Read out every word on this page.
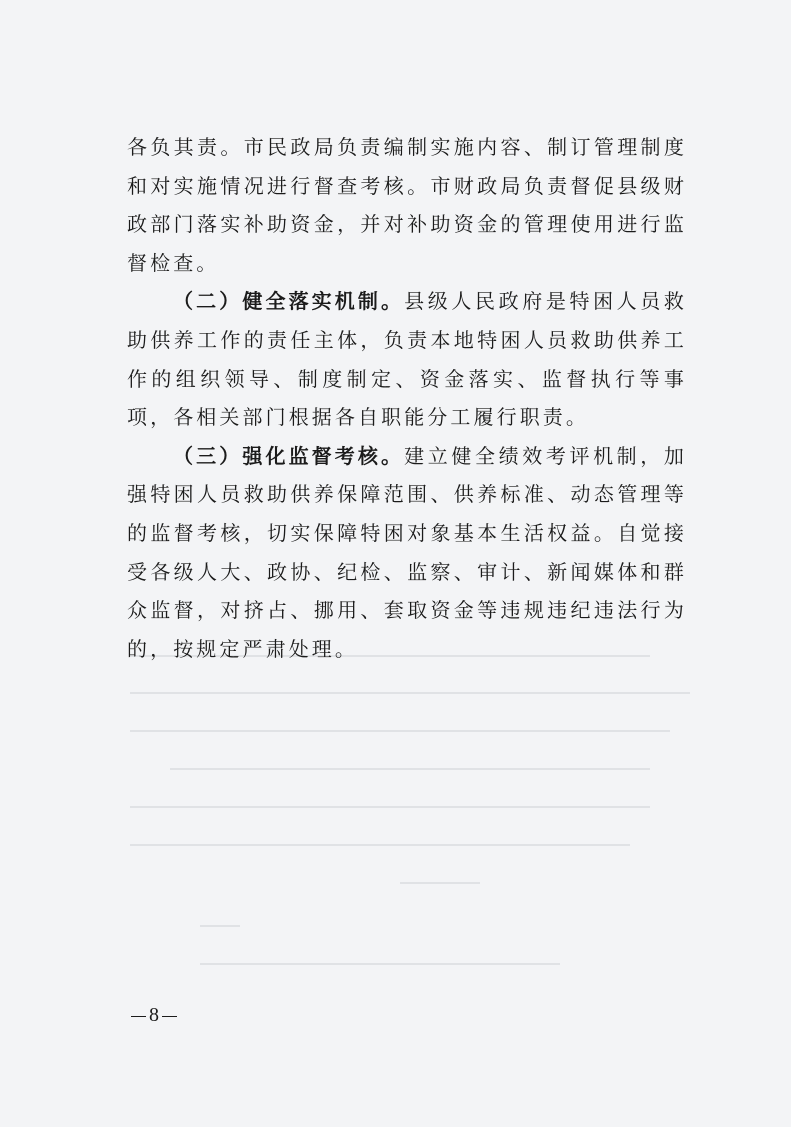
各负其责。市民政局负责编制实施内容、制订管理制度和对实施情况进行督查考核。市财政局负责督促县级财政部门落实补助资金，并对补助资金的管理使用进行监督检查。

（二）健全落实机制。县级人民政府是特困人员救助供养工作的责任主体，负责本地特困人员救助供养工作的组织领导、制度制定、资金落实、监督执行等事项，各相关部门根据各自职能分工履行职责。

（三）强化监督考核。建立健全绩效考评机制，加强特困人员救助供养保障范围、供养标准、动态管理等的监督考核，切实保障特困对象基本生活权益。自觉接受各级人大、政协、纪检、监察、审计、新闻媒体和群众监督，对挤占、挪用、套取资金等违规违纪违法行为的，按规定严肃处理。

8
